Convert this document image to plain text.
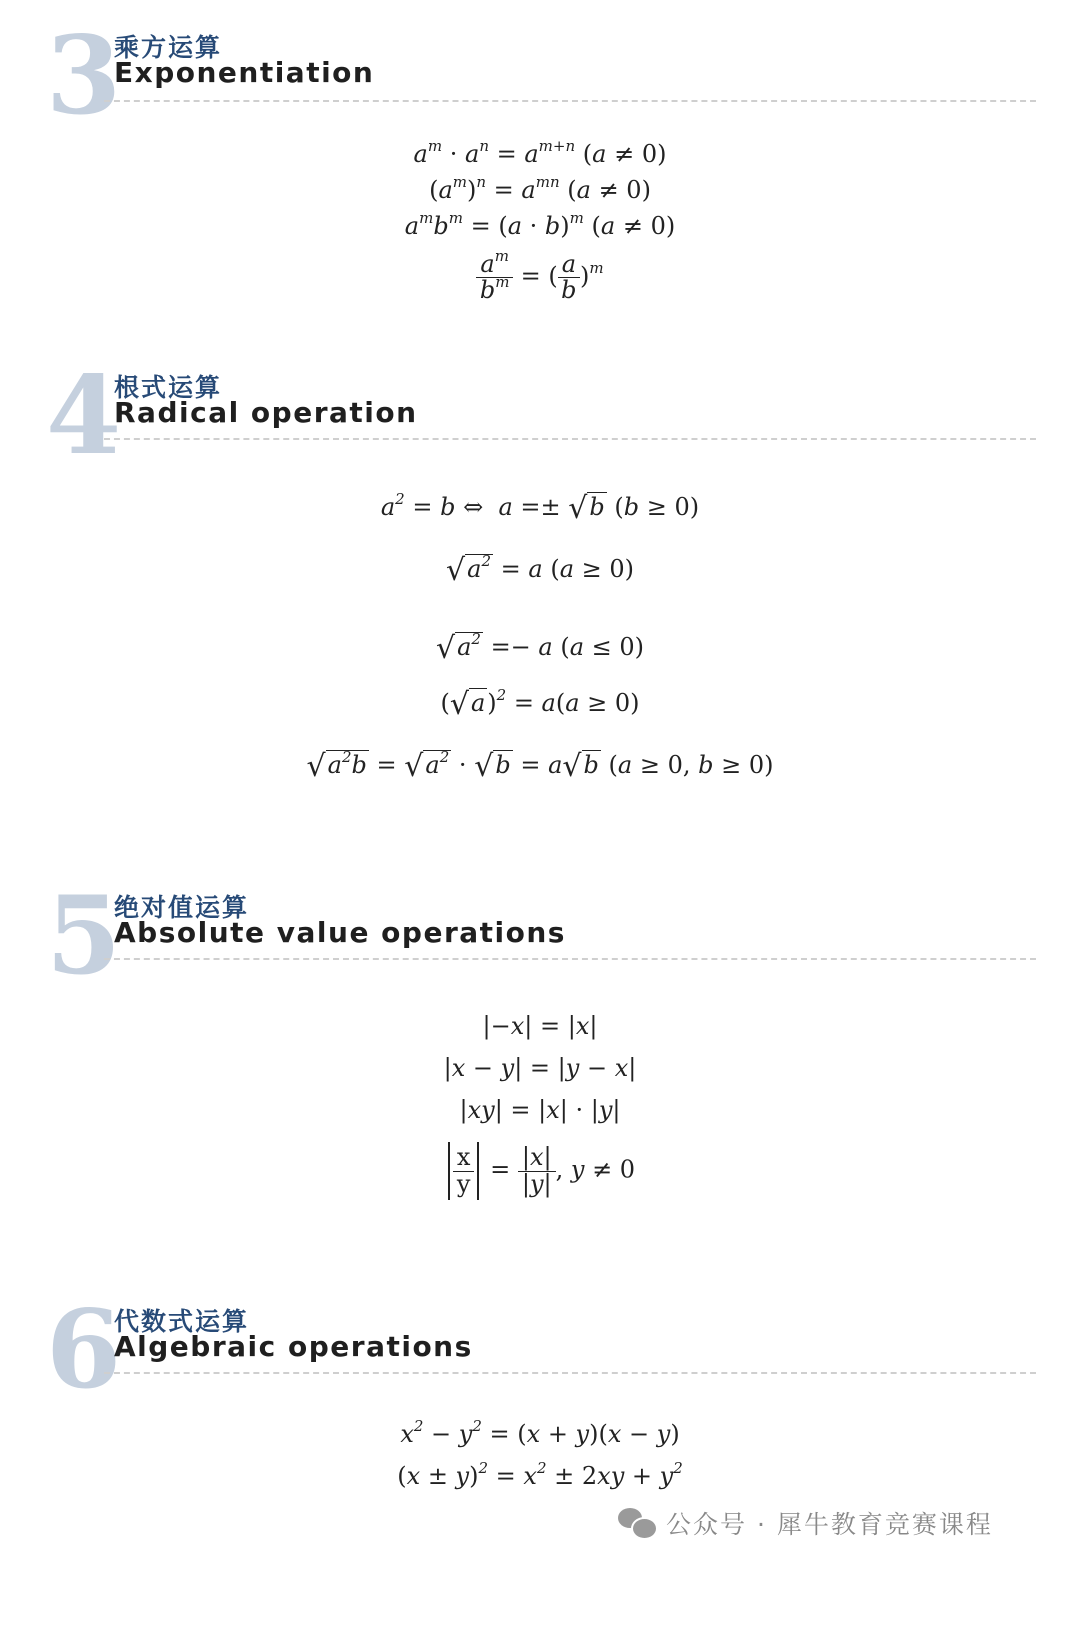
3
乘方运算
Exponentiation
$a^m \cdot a^n = a^{m+n}$ (a ≠ 0)
$(a^m)^n = a^{mn}$ (a ≠ 0)
$a^mb^m = (a \cdot b)^m$ (a ≠ 0)
$\frac{a^m}{b^m}$ = ( $\frac{a}{b} )^m$
4
根式运算
Radical operation
$a^2 = b$ ⇔  a =± √b (b ≥ 0)
$√a^2 = a$ (a ≥ 0)
$√a^2 =- a$ (a ≤ 0)
$(√a)^2 = a(a \ge 0)$
$√a^2b = √a^2 \cdot √b = a√b$ (a ≥ 0, b ≥ 0)
5
绝对值运算
Absolute value operations
|−x| = |x|
|x − y| = |y − x|
|xy| = |x| · |y|
$\frac{x}{y} = \frac{|x|}{|y|}$ , y ≠ 0
6
代数式运算
Algebraic operations
$x^2 - y^2 = (x + y)(x - y)$
$(x \pm y)^2 = x^2 \pm 2xy + y^2$
公众号 · 犀牛教育竞赛课程
